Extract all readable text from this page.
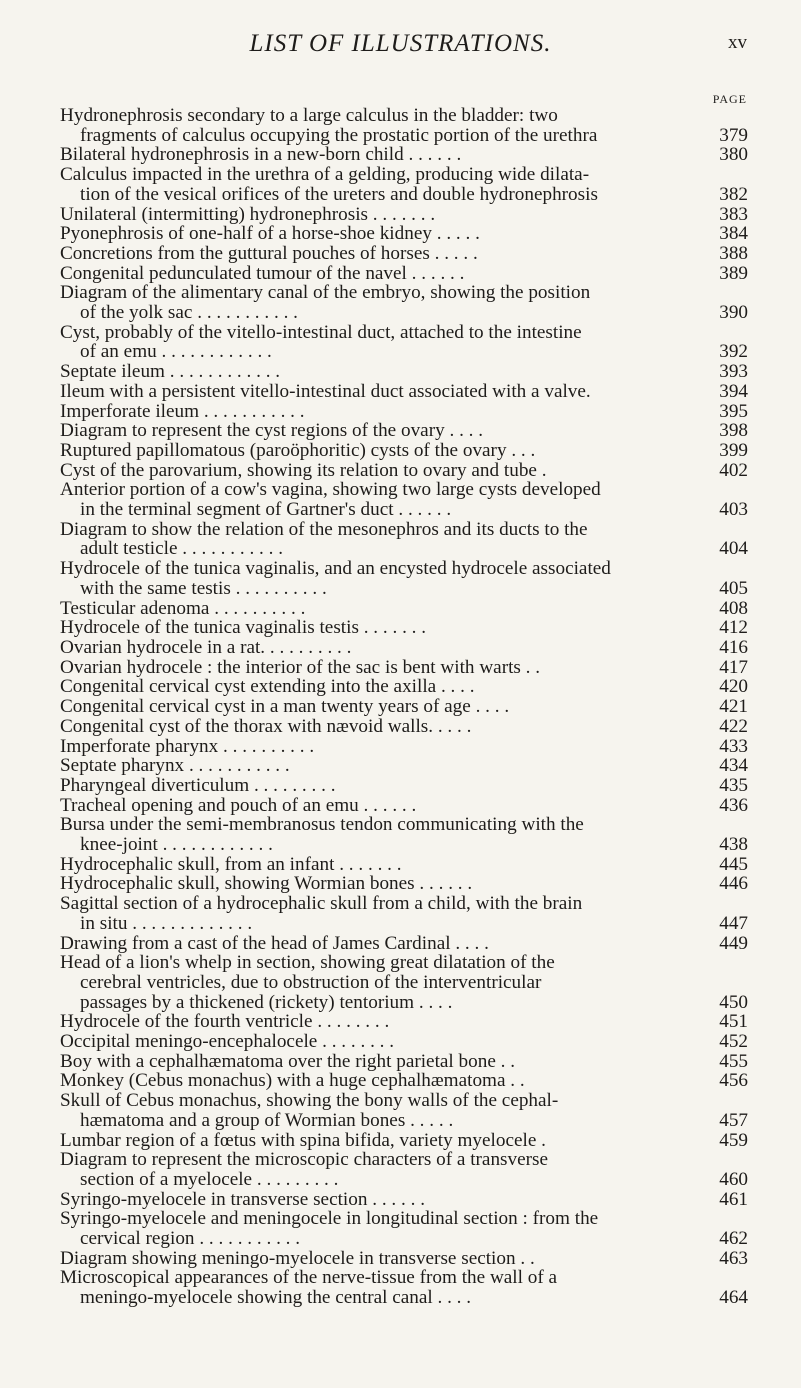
LIST OF ILLUSTRATIONS.	xv
PAGE
Hydronephrosis secondary to a large calculus in the bladder: two
fragments of calculus occupying the prostatic portion of the urethra	379
Bilateral hydronephrosis in a new-born child . . . . . .	380
Calculus impacted in the urethra of a gelding, producing wide dilata-
tion of the vesical orifices of the ureters and double hydronephrosis	382
Unilateral (intermitting) hydronephrosis . . . . . . .	383
Pyonephrosis of one-half of a horse-shoe kidney . . . . .	384
Concretions from the guttural pouches of horses . . . . .	388
Congenital pedunculated tumour of the navel . . . . . .	389
Diagram of the alimentary canal of the embryo, showing the position
of the yolk sac . . . . . . . . . . .	390
Cyst, probably of the vitello-intestinal duct, attached to the intestine
of an emu . . . . . . . . . . . .	392
Septate ileum . . . . . . . . . . . .	393
Ileum with a persistent vitello-intestinal duct associated with a valve.	394
Imperforate ileum . . . . . . . . . . .	395
Diagram to represent the cyst regions of the ovary . . . .	398
Ruptured papillomatous (paroöphoritic) cysts of the ovary . . .	399
Cyst of the parovarium, showing its relation to ovary and tube .	402
Anterior portion of a cow's vagina, showing two large cysts developed
in the terminal segment of Gartner's duct . . . . . .	403
Diagram to show the relation of the mesonephros and its ducts to the
adult testicle . . . . . . . . . . .	404
Hydrocele of the tunica vaginalis, and an encysted hydrocele associated
with the same testis . . . . . . . . . .	405
Testicular adenoma . . . . . . . . . .	408
Hydrocele of the tunica vaginalis testis . . . . . . .	412
Ovarian hydrocele in a rat. . . . . . . . . .	416
Ovarian hydrocele : the interior of the sac is bent with warts . .	417
Congenital cervical cyst extending into the axilla . . . .	420
Congenital cervical cyst in a man twenty years of age . . . .	421
Congenital cyst of the thorax with nævoid walls. . . . .	422
Imperforate pharynx . . . . . . . . . .	433
Septate pharynx . . . . . . . . . . .	434
Pharyngeal diverticulum . . . . . . . . .	435
Tracheal opening and pouch of an emu . . . . . .	436
Bursa under the semi-membranosus tendon communicating with the
knee-joint . . . . . . . . . . . .	438
Hydrocephalic skull, from an infant . . . . . . .	445
Hydrocephalic skull, showing Wormian bones . . . . . .	446
Sagittal section of a hydrocephalic skull from a child, with the brain
in situ . . . . . . . . . . . . .	447
Drawing from a cast of the head of James Cardinal . . . .	449
Head of a lion's whelp in section, showing great dilatation of the
cerebral ventricles, due to obstruction of the interventricular
passages by a thickened (rickety) tentorium . . . .	450
Hydrocele of the fourth ventricle . . . . . . . .	451
Occipital meningo-encephalocele . . . . . . . .	452
Boy with a cephalhæmatoma over the right parietal bone . .	455
Monkey (Cebus monachus) with a huge cephalhæmatoma . .	456
Skull of Cebus monachus, showing the bony walls of the cephal-
hæmatoma and a group of Wormian bones . . . . .	457
Lumbar region of a fœtus with spina bifida, variety myelocele .	459
Diagram to represent the microscopic characters of a transverse
section of a myelocele . . . . . . . . .	460
Syringo-myelocele in transverse section . . . . . .	461
Syringo-myelocele and meningocele in longitudinal section : from the
cervical region . . . . . . . . . . .	462
Diagram showing meningo-myelocele in transverse section . .	463
Microscopical appearances of the nerve-tissue from the wall of a
meningo-myelocele showing the central canal . . . .	464
